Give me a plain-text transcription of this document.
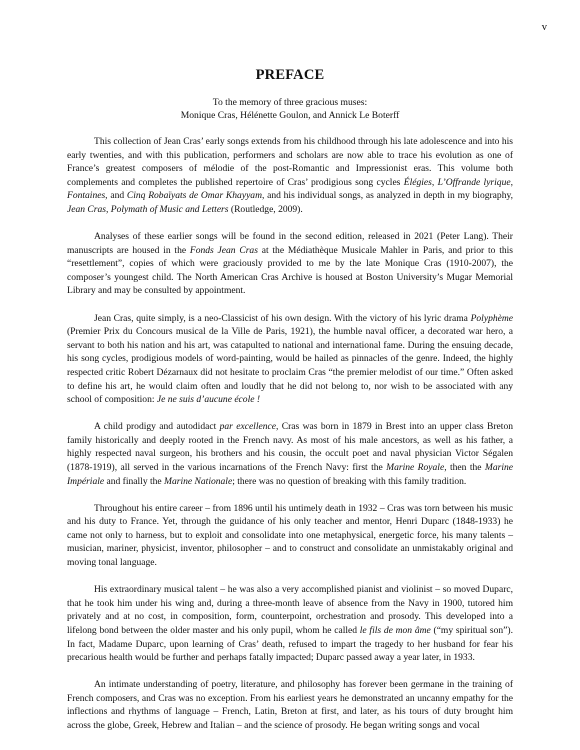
v
PREFACE
To the memory of three gracious muses:
Monique Cras, Hélénette Goulon, and Annick Le Boterff

This collection of Jean Cras’ early songs extends from his childhood through his late adolescence and into his early twenties, and with this publication, performers and scholars are now able to trace his evolution as one of France’s greatest composers of mélodie of the post-Romantic and Impressionist eras. This volume both complements and completes the published repertoire of Cras’ prodigious song cycles Élégies, L’Offrande lyrique, Fontaines, and Cinq Robaïyats de Omar Khayyam, and his individual songs, as analyzed in depth in my biography, Jean Cras, Polymath of Music and Letters (Routledge, 2009).

Analyses of these earlier songs will be found in the second edition, released in 2021 (Peter Lang). Their manuscripts are housed in the Fonds Jean Cras at the Médiathèque Musicale Mahler in Paris, and prior to this “resettlement”, copies of which were graciously provided to me by the late Monique Cras (1910-2007), the composer’s youngest child. The North American Cras Archive is housed at Boston University’s Mugar Memorial Library and may be consulted by appointment.

Jean Cras, quite simply, is a neo-Classicist of his own design. With the victory of his lyric drama Polyphème (Premier Prix du Concours musical de la Ville de Paris, 1921), the humble naval officer, a decorated war hero, a servant to both his nation and his art, was catapulted to national and international fame. During the ensuing decade, his song cycles, prodigious models of word-painting, would be hailed as pinnacles of the genre. Indeed, the highly respected critic Robert Dézarnaux did not hesitate to proclaim Cras “the premier melodist of our time.” Often asked to define his art, he would claim often and loudly that he did not belong to, nor wish to be associated with any school of composition: Je ne suis d’aucune école !

A child prodigy and autodidact par excellence, Cras was born in 1879 in Brest into an upper class Breton family historically and deeply rooted in the French navy. As most of his male ancestors, as well as his father, a highly respected naval surgeon, his brothers and his cousin, the occult poet and naval physician Victor Ségalen (1878-1919), all served in the various incarnations of the French Navy: first the Marine Royale, then the Marine Impériale and finally the Marine Nationale; there was no question of breaking with this family tradition.

Throughout his entire career – from 1896 until his untimely death in 1932 – Cras was torn between his music and his duty to France. Yet, through the guidance of his only teacher and mentor, Henri Duparc (1848-1933) he came not only to harness, but to exploit and consolidate into one metaphysical, energetic force, his many talents – musician, mariner, physicist, inventor, philosopher – and to construct and consolidate an unmistakably original and moving tonal language.

His extraordinary musical talent – he was also a very accomplished pianist and violinist – so moved Duparc, that he took him under his wing and, during a three-month leave of absence from the Navy in 1900, tutored him privately and at no cost, in composition, form, counterpoint, orchestration and prosody. This developed into a lifelong bond between the older master and his only pupil, whom he called le fils de mon âme (“my spiritual son”). In fact, Madame Duparc, upon learning of Cras’ death, refused to impart the tragedy to her husband for fear his precarious health would be further and perhaps fatally impacted; Duparc passed away a year later, in 1933.

An intimate understanding of poetry, literature, and philosophy has forever been germane in the training of French composers, and Cras was no exception. From his earliest years he demonstrated an uncanny empathy for the inflections and rhythms of language – French, Latin, Breton at first, and later, as his tours of duty brought him across the globe, Greek, Hebrew and Italian – and the science of prosody. He began writing songs and vocal
